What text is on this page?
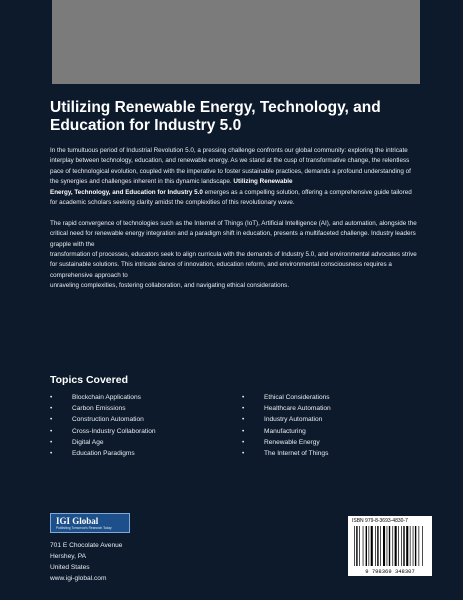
Utilizing Renewable Energy, Technology, and
Education for Industry 5.0

In the tumultuous period of Industrial Revolution 5.0, a pressing challenge confronts our global community: exploring the intricate interplay between technology, education, and renewable energy. As we stand at the cusp of transformative change, the relentless pace of technological evolution, coupled with the imperative to foster sustainable practices, demands a profound understanding of the synergies and challenges inherent in this dynamic landscape. Utilizing Renewable
Energy, Technology, and Education for Industry 5.0 emerges as a compelling solution, offering a comprehensive guide tailored for academic scholars seeking clarity amidst the complexities of this revolutionary wave.

The rapid convergence of technologies such as the Internet of Things (IoT), Artificial Intelligence (AI), and automation, alongside the critical need for renewable energy integration and a paradigm shift in education, presents a multifaceted challenge. Industry leaders grapple with the
transformation of processes, educators seek to align curricula with the demands of Industry 5.0, and environmental advocates strive for sustainable solutions. This intricate dance of innovation, education reform, and environmental consciousness requires a comprehensive approach to
unraveling complexities, fostering collaboration, and navigating ethical considerations.

Topics Covered
• Blockchain Applications
• Carbon Emissions
• Construction Automation
• Cross-Industry Collaboration
• Digital Age
• Education Paradigms
• Ethical Considerations
• Healthcare Automation
• Industry Automation
• Manufacturing
• Renewable Energy
• The Internet of Things
IGI Global
Publishing Tomorrow's Research Today
701 E Chocolate Avenue
Hershey, PA
United States
www.igi-global.com
ISBN 979-8-3693-4830-7
9 798369 348307
